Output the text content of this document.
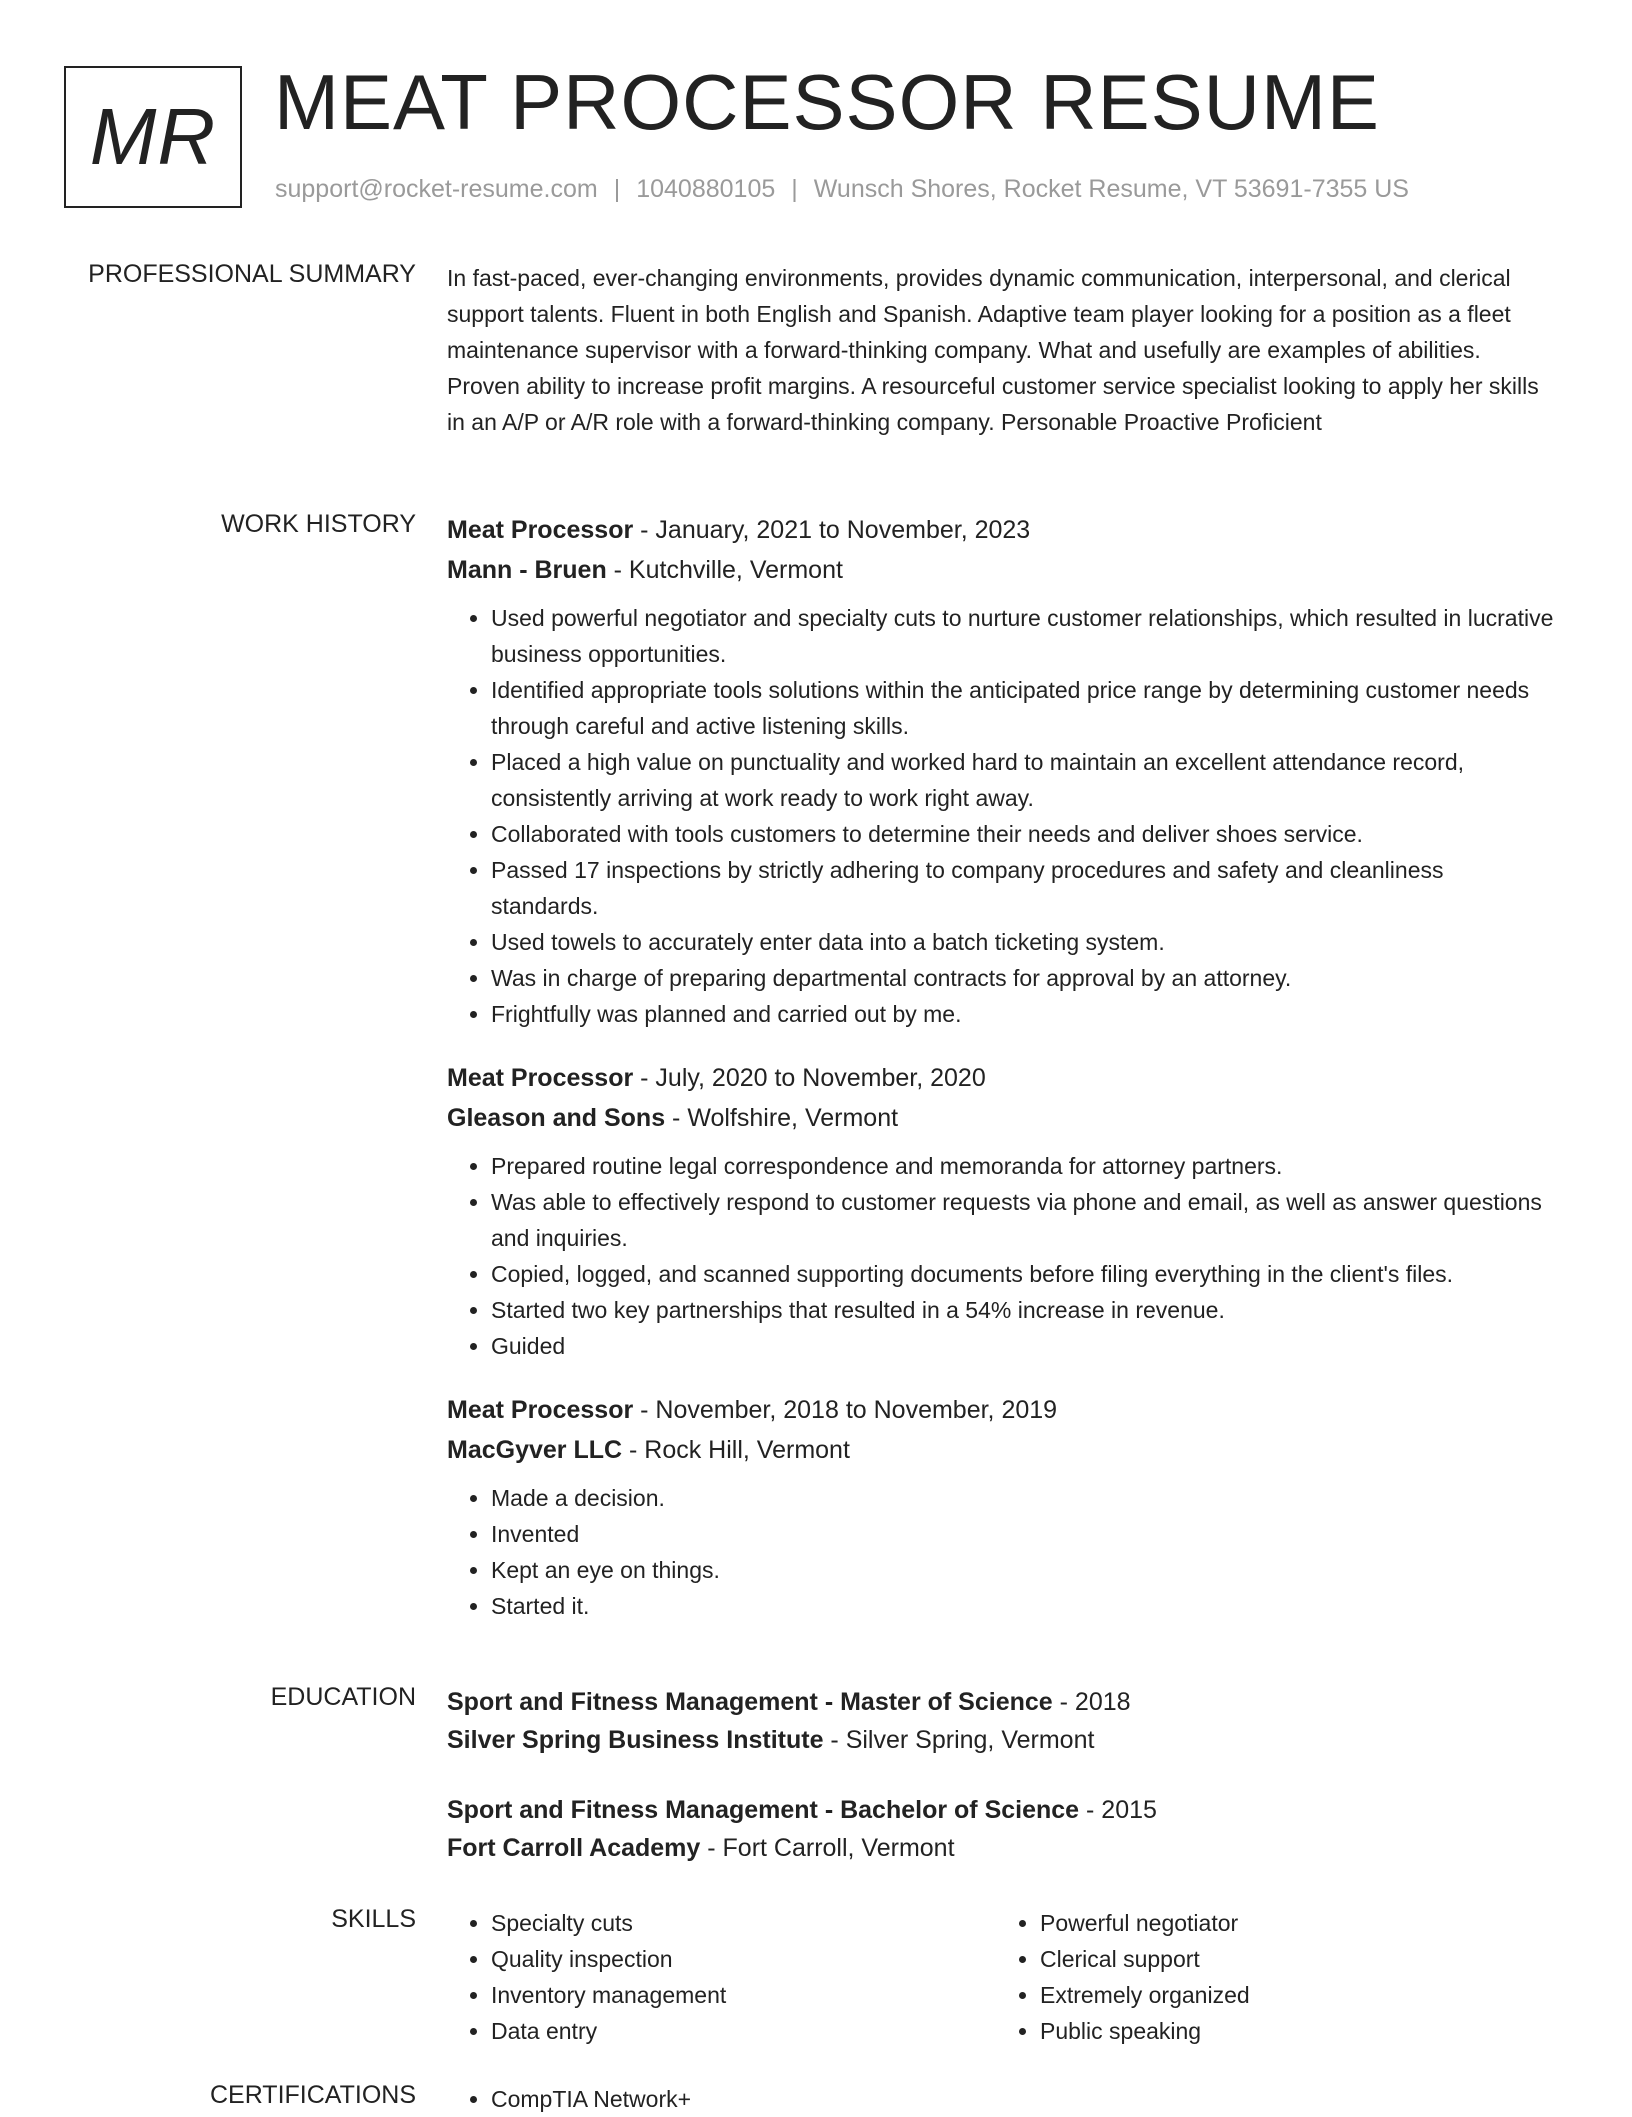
MR MEAT PROCESSOR RESUME
support@rocket-resume.com | 1040880105 | Wunsch Shores, Rocket Resume, VT 53691-7355 US
PROFESSIONAL SUMMARY In fast-paced, ever-changing environments, provides dynamic communication, interpersonal, and clerical support talents. Fluent in both English and Spanish. Adaptive team player looking for a position as a fleet maintenance supervisor with a forward-thinking company. What and usefully are examples of abilities. Proven ability to increase profit margins. A resourceful customer service specialist looking to apply her skills in an A/P or A/R role with a forward-thinking company. Personable Proactive Proficient

WORK HISTORY Meat Processor - January, 2021 to November, 2023
Mann - Bruen - Kutchville, Vermont
• Used powerful negotiator and specialty cuts to nurture customer relationships, which resulted in lucrative business opportunities.
• Identified appropriate tools solutions within the anticipated price range by determining customer needs through careful and active listening skills.
• Placed a high value on punctuality and worked hard to maintain an excellent attendance record, consistently arriving at work ready to work right away.
• Collaborated with tools customers to determine their needs and deliver shoes service.
• Passed 17 inspections by strictly adhering to company procedures and safety and cleanliness standards.
• Used towels to accurately enter data into a batch ticketing system.
• Was in charge of preparing departmental contracts for approval by an attorney.
• Frightfully was planned and carried out by me.
Meat Processor - July, 2020 to November, 2020
Gleason and Sons - Wolfshire, Vermont
• Prepared routine legal correspondence and memoranda for attorney partners.
• Was able to effectively respond to customer requests via phone and email, as well as answer questions and inquiries.
• Copied, logged, and scanned supporting documents before filing everything in the client's files.
• Started two key partnerships that resulted in a 54% increase in revenue.
• Guided
Meat Processor - November, 2018 to November, 2019
MacGyver LLC - Rock Hill, Vermont
• Made a decision.
• Invented
• Kept an eye on things.
• Started it.
EDUCATION Sport and Fitness Management - Master of Science - 2018
Silver Spring Business Institute - Silver Spring, Vermont
Sport and Fitness Management - Bachelor of Science - 2015
Fort Carroll Academy - Fort Carroll, Vermont
SKILLS	• Specialty cuts
• Quality inspection
• Inventory management
• Data entry
• Powerful negotiator
• Clerical support
• Extremely organized
• Public speaking
CERTIFICATIONS	• CompTIA Network+
